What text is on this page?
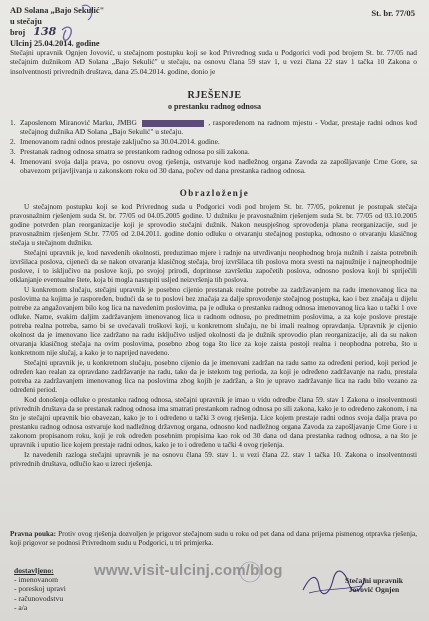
AD Solana „Bajo Sekulić"
u stečaju
broj 138
Ulcinj 25.04.2014. godine
St. br. 77/05
Stečajni upravnik Ognjen Jovović, u stečajnom postupku koji se kod Privrednog suda u Podgorici vodi pod brojem St. br. 77/05 nad stečajnim dužnikom AD Solana „Bajo Sekulić" u stečaju, na osnovu člana 59 stav 1, u vezi člana 22 stav 1 tačka 10 Zakona o insolventnosti privrednih društava, dana 25.04.2014. godine, donio je
RJEŠENJE
o prestanku radnog odnosa
1. Zaposlenom Miranović Marku, JMBG	, raspoređenom na radnom mjestu - Vodar, prestaje radni odnos kod stečajnog dužnika AD Solana „Bajo Sekulić" u stečaju.
2. Imenovanom radni odnos prestaje zaključno sa 30.04.2014. godine.
3. Prestanak radnog odnosa smatra se prestankom radnog odnosa po sili zakona.
4. Imenovani svoja dalja prava, po osnovu ovog rješenja, ostvaruje kod nadležnog organa Zavoda za zapošljavanje Crne Gore, sa obavezom prijavljivanja u zakonskom roku od 30 dana, počev od dana prestanka radnog odnosa.
Obrazloženje

U stečajnom postupku koji se kod Privrednog suda u Podgorici vodi pod brojem St. br. 77/05, pokrenut je postupak stečaja pravosnažnim rješenjem suda St. br. 77/05 od 04.05.2005 godine. U dužniku je pravosnažnim rješenjem suda St. br. 77/05 od 03.10.2005 godine potvrđen plan reorganizacije koji je sprovodio stečajni dužnik. Nakon neuspješnog sprovođenja plana reorganizacije, sud je pravosnažnim rješenjem St.br. 77/05 od 2.04.2011. godine donio odluku o otvaranju stečajnog postupka, odnosno o otvaranju klasičnog stečaja u stečajnom dužniku.

Stečajni upravnik je, kod navedenih okolnosti, preduzimao mjere i radnje na utvrđivanju neophodnog broja nužnih i zaista potrebnih izvršilaca poslova, cijeneći da se nakon otvaranja klasičnog stečaja, broj izvršilaca tih poslova mora svesti na najnužnije i najneophodnije poslove, i to isključivo na poslove koji, po svojoj prirodi, doprinose završetku započetih poslova, odnosno poslova koji bi spriječili otklanjanje eventualne štete, koja bi mogla nastupiti usljed neizvršenja tih poslova.

U konkretnom slučaju, stečajni upravnik je posebno cijenio prestanak realne potrebe za zadržavanjem na radu imenovanog lica na poslovima na kojima je raspoređen, budući da se tu poslovi bez značaja za dalje sprovođenje stečajnog postupka, kao i bez značaja u dijelu potrebe za angažovanjem bilo kog lica na navedenim poslovima, pa je odluka o prestanku radnog odnosa imenovanog lica kao u tački 1 ove odluke. Name, svakim daljim zadržavanjem imenovanog lica u radnom odnosu, po predmetnim poslovima, a za koje poslove prestaje potreba realna potreba, samo bi se uvećavali troškovi koji, u konkretnom slučaju, ne bi imali realnog opravdanja. Upravnik je cijenio okolnost da je imenovano lice zadržano na radu isključivo usljed okolnosti da je dužnik sprovodio plan reorganizacije, ali da su nakon otvaranja klasičnog stečaja na ovim poslovima, posebno zbog toga što lice za koje zaista postoji realna i neophodna potreba, što u konkretnom nije slučaj, a kako je to naprijed navedeno.

Stečajni upravnik je, u konkretnom slučaju, posebno cijenio da je imenovani zadržan na radu samo za određeni period, koji period je određen kao realan za opravdano zadržavanje na radu, tako da je istekom tog perioda, za koji je određeno zadržavanje na radu, prestala potreba za zadržavanjem imenovanog lica na poslovima zbog kojih je zadržan, a što je upravo zadržavanje lica na radu bilo vezano za određeni period.

Kod donošenja odluke o prestanku radnog odnosa, stečajni upravnik je imao u vidu odredbe člana 59. stav 1 Zakona o insolventnosti privrednih društava da se prestanak radnog odnosa ima smatrati prestankom radnog odnosa po sili zakona, kako je to određeno zakonom, i na što je stečajni upravnik bio obavezan, kako je to i određeno u tački 3 ovog rješenja. Lice kojem prestaje radni odnos svoja dalja prava po prestanku radnog odnosa ostvaruje kod nadležnog državnog organa, odnosno kod nadležnog organa Zavoda za zapošljavanje Crne Gore i u zakonom propisanom roku, koji je rok određen posebnim propisima kao rok od 30 dana od dana prestanka radnog odnosa, a na što je upravnik i uputio lice kojem prestaje radni odnos, kako je to i određeno u tački 4 ovog rješenja.

Iz navedenih razloga stečajni upravnik je na osnovu člana 59. stav 1. u vezi člana 22. stav 1 tačka 10. Zakona o insolventnosti privrednih društava, odlučio kao u izreci rješenja.

Pravna pouka: Protiv ovog rješenja dozvoljen je prigovor stečajnom sudu u roku od pet dana od dana prijema pismenog otpravka rješenja, koji prigovor se podnosi Privrednom sudu u Podgorici, u tri primjerka.
dostavljeno:
- imenovanom
- poreskoj upravi
- računovodstvu
- a/a
Stečajni upravnik
Jovović Ognjen
www.visit-ulcinj.com/blog
